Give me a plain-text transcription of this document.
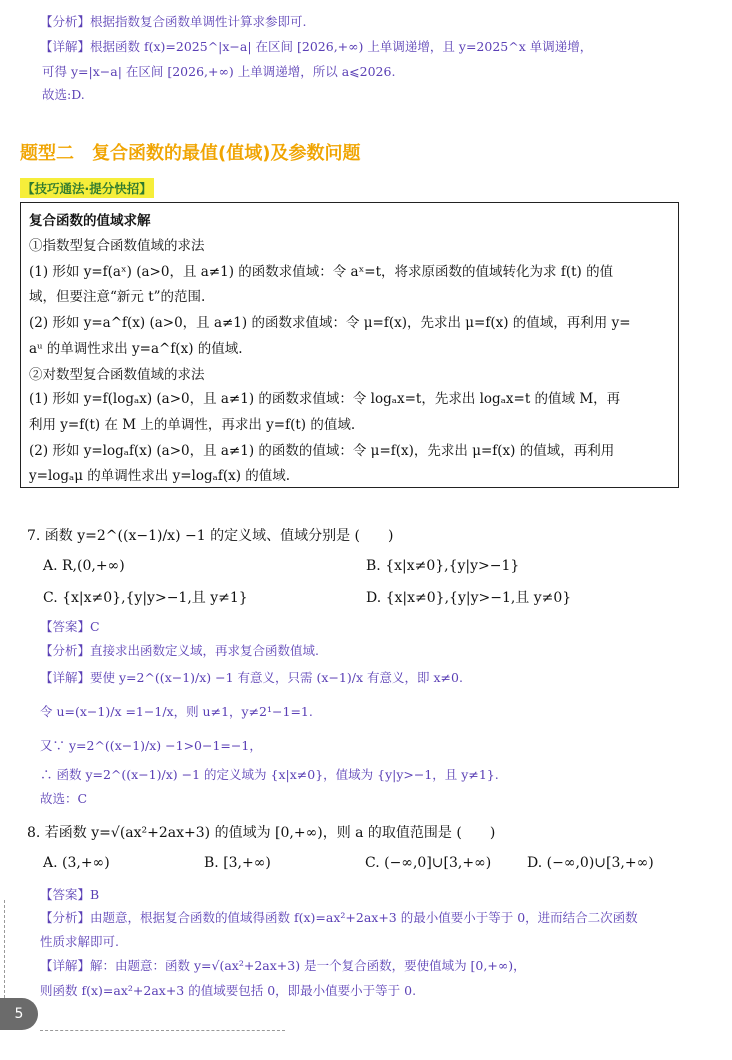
【分析】根据指数复合函数单调性计算求参即可.
【详解】根据函数 f(x)=2025^|x−a| 在区间 [2026,+∞) 上单调递增，且 y=2025^x 单调递增，
可得 y=|x−a| 在区间 [2026,+∞) 上单调递增，所以 a⩽2026.
故选:D.
题型二　复合函数的最值(值域)及参数问题
【技巧通法·提分快招】
复合函数的值域求解
①指数型复合函数值域的求法
(1) 形如 y=f(aˣ) (a>0，且 a≠1) 的函数求值域：令 aˣ=t，将求原函数的值域转化为求 f(t) 的值
域，但要注意“新元 t”的范围.
(2) 形如 y=a^f(x) (a>0，且 a≠1) 的函数求值域：令 μ=f(x)，先求出 μ=f(x) 的值域，再利用 y=
aᵘ 的单调性求出 y=a^f(x) 的值域.
②对数型复合函数值域的求法
(1) 形如 y=f(logₐx) (a>0，且 a≠1) 的函数求值域：令 logₐx=t，先求出 logₐx=t 的值域 M，再
利用 y=f(t) 在 M 上的单调性，再求出 y=f(t) 的值域.
(2) 形如 y=logₐf(x) (a>0，且 a≠1) 的函数的值域：令 μ=f(x)，先求出 μ=f(x) 的值域，再利用
y=logₐμ 的单调性求出 y=logₐf(x) 的值域.
7. 函数 y=2^((x−1)/x) −1 的定义域、值域分别是 (　　)
A. R,(0,+∞)	B. {x|x≠0},{y|y>−1}
C. {x|x≠0},{y|y>−1,且 y≠1}	D. {x|x≠0},{y|y>−1,且 y≠0}
【答案】C
【分析】直接求出函数定义域，再求复合函数值域.
【详解】要使 y=2^((x−1)/x) −1 有意义，只需 (x−1)/x 有意义，即 x≠0.
令 u=(x−1)/x =1−1/x，则 u≠1，y≠2¹−1=1.
又∵ y=2^((x−1)/x) −1>0−1=−1，
∴ 函数 y=2^((x−1)/x) −1 的定义域为 {x|x≠0}，值域为 {y|y>−1，且 y≠1}.
故选：C
8. 若函数 y=√(ax²+2ax+3) 的值域为 [0,+∞)，则 a 的取值范围是 (　　)
A. (3,+∞)	B. [3,+∞)	C. (−∞,0]∪[3,+∞)	D. (−∞,0)∪[3,+∞)
【答案】B
【分析】由题意，根据复合函数的值域得函数 f(x)=ax²+2ax+3 的最小值要小于等于 0，进而结合二次函数
性质求解即可.
【详解】解：由题意：函数 y=√(ax²+2ax+3) 是一个复合函数，要使值域为 [0,+∞)，
则函数 f(x)=ax²+2ax+3 的值域要包括 0，即最小值要小于等于 0.
5
